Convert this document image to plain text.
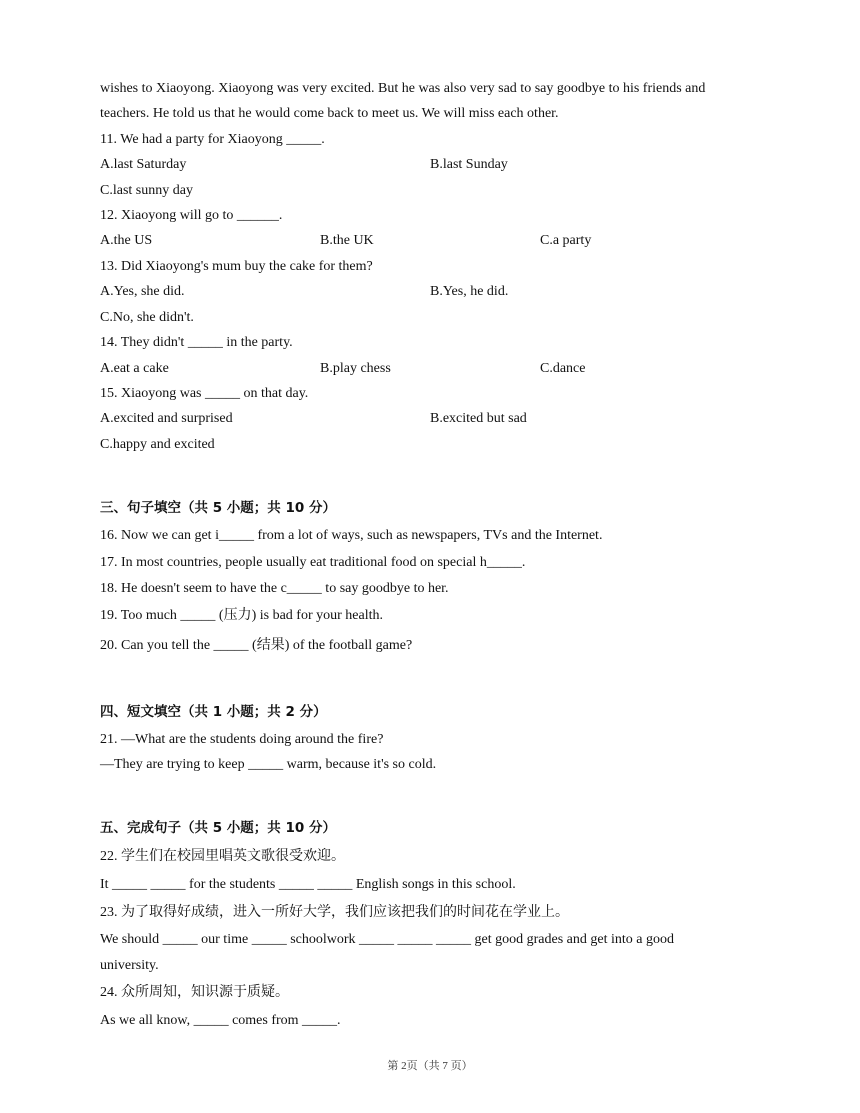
wishes to Xiaoyong. Xiaoyong was very excited. But he was also very sad to say goodbye to his friends and
teachers. He told us that he would come back to meet us. We will miss each other.
11. We had a party for Xiaoyong _____.
A.last Saturday	B.last Sunday
C.last sunny day
12. Xiaoyong will go to ______.
A.the US	B.the UK	C.a party
13. Did Xiaoyong's mum buy the cake for them?
A.Yes, she did.	B.Yes, he did.
C.No, she didn't.
14. They didn't _____ in the party.
A.eat a cake	B.play chess	C.dance
15. Xiaoyong was _____ on that day.
A.excited and surprised	B.excited but sad
C.happy and excited
三、句子填空（共 5 小题；共 10 分）
16. Now we can get i_____ from a lot of ways, such as newspapers, TVs and the Internet.
17. In most countries, people usually eat traditional food on special h_____.
18. He doesn't seem to have the c_____ to say goodbye to her.
19. Too much _____ (压力) is bad for your health.
20. Can you tell the _____ (结果) of the football game?
四、短文填空（共 1 小题；共 2 分）
21. —What are the students doing around the fire?
—They are trying to keep _____ warm, because it's so cold.
五、完成句子（共 5 小题；共 10 分）
22. 学生们在校园里唱英文歌很受欢迎。
It _____ _____ for the students _____ _____ English songs in this school.
23. 为了取得好成绩，进入一所好大学，我们应该把我们的时间花在学业上。
We should _____ our time _____ schoolwork _____ _____ _____ get good grades and get into a good
university.
24. 众所周知，知识源于质疑。
As we all know, _____ comes from _____.
第 2页（共 7 页）
